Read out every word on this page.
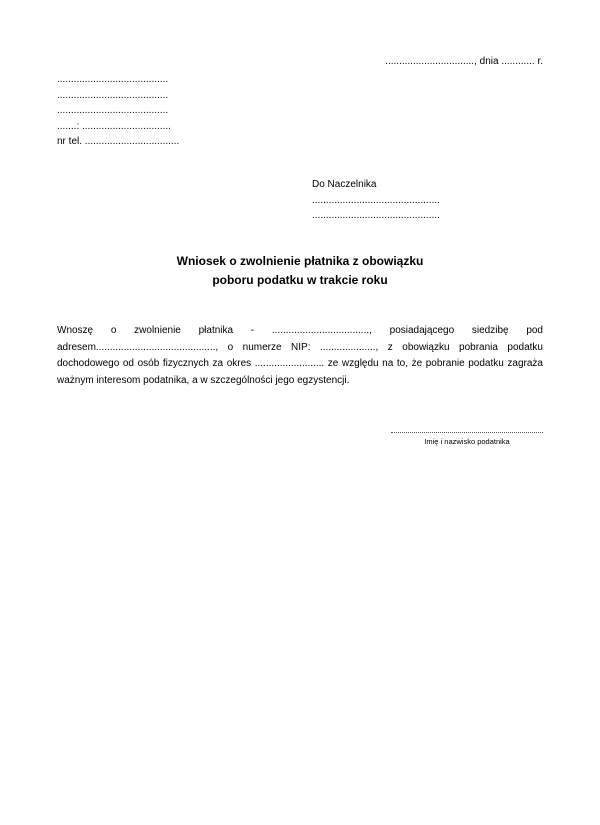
................................, dnia ............ r.
........................................
........................................
........................................
.......: ................................
nr tel. ..................................
Do Naczelnika
..............................................
..............................................
Wniosek o zwolnienie płatnika z obowiązku
poboru podatku w trakcie roku
Wnoszę o zwolnienie płatnika - ..................................., posiadającego siedzibę pod adresem..........................................., o numerze NIP: ...................., z obowiązku pobrania podatku dochodowego od osób fizycznych za okres ......................... ze względu na to, że pobranie podatku zagraża ważnym interesom podatnika, a w szczególności jego egzystencji.
Imię i nazwisko podatnika
